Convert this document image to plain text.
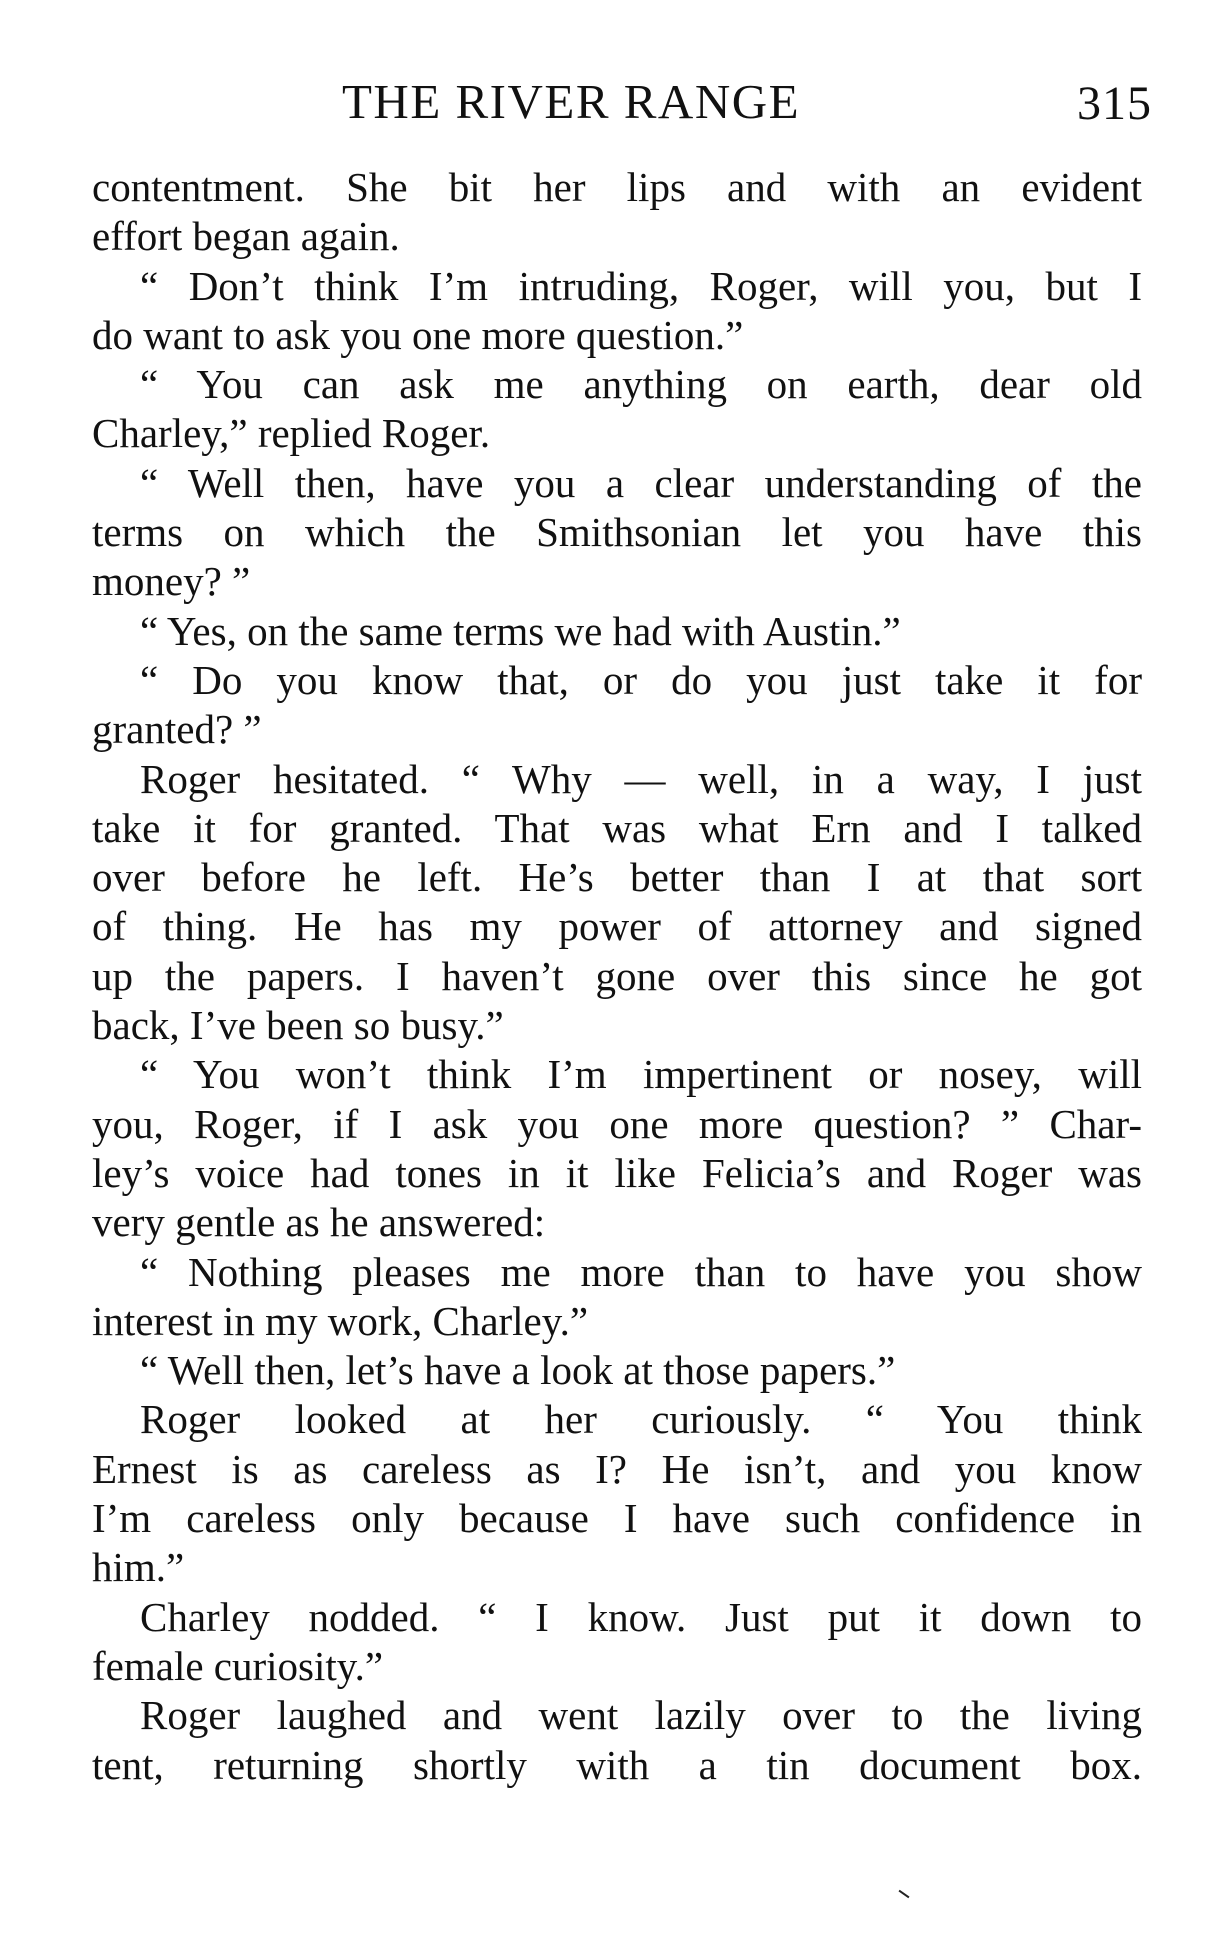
THE RIVER RANGE	315
contentment. She bit her lips and with an evident
effort began again.
“ Don’t think I’m intruding, Roger, will you, but I
do want to ask you one more question.”
“ You can ask me anything on earth, dear old
Charley,” replied Roger.
“ Well then, have you a clear understanding of the
terms on which the Smithsonian let you have this
money? ”
“ Yes, on the same terms we had with Austin.”
“ Do you know that, or do you just take it for
granted? ”
Roger hesitated. “ Why — well, in a way, I just
take it for granted. That was what Ern and I talked
over before he left. He’s better than I at that sort
of thing. He has my power of attorney and signed
up the papers. I haven’t gone over this since he got
back, I’ve been so busy.”
“ You won’t think I’m impertinent or nosey, will
you, Roger, if I ask you one more question? ” Char-
ley’s voice had tones in it like Felicia’s and Roger was
very gentle as he answered:
“ Nothing pleases me more than to have you show
interest in my work, Charley.”
“ Well then, let’s have a look at those papers.”
Roger looked at her curiously. “ You think
Ernest is as careless as I? He isn’t, and you know
I’m careless only because I have such confidence in
him.”
Charley nodded. “ I know. Just put it down to
female curiosity.”
Roger laughed and went lazily over to the living
tent, returning shortly with a tin document box.
